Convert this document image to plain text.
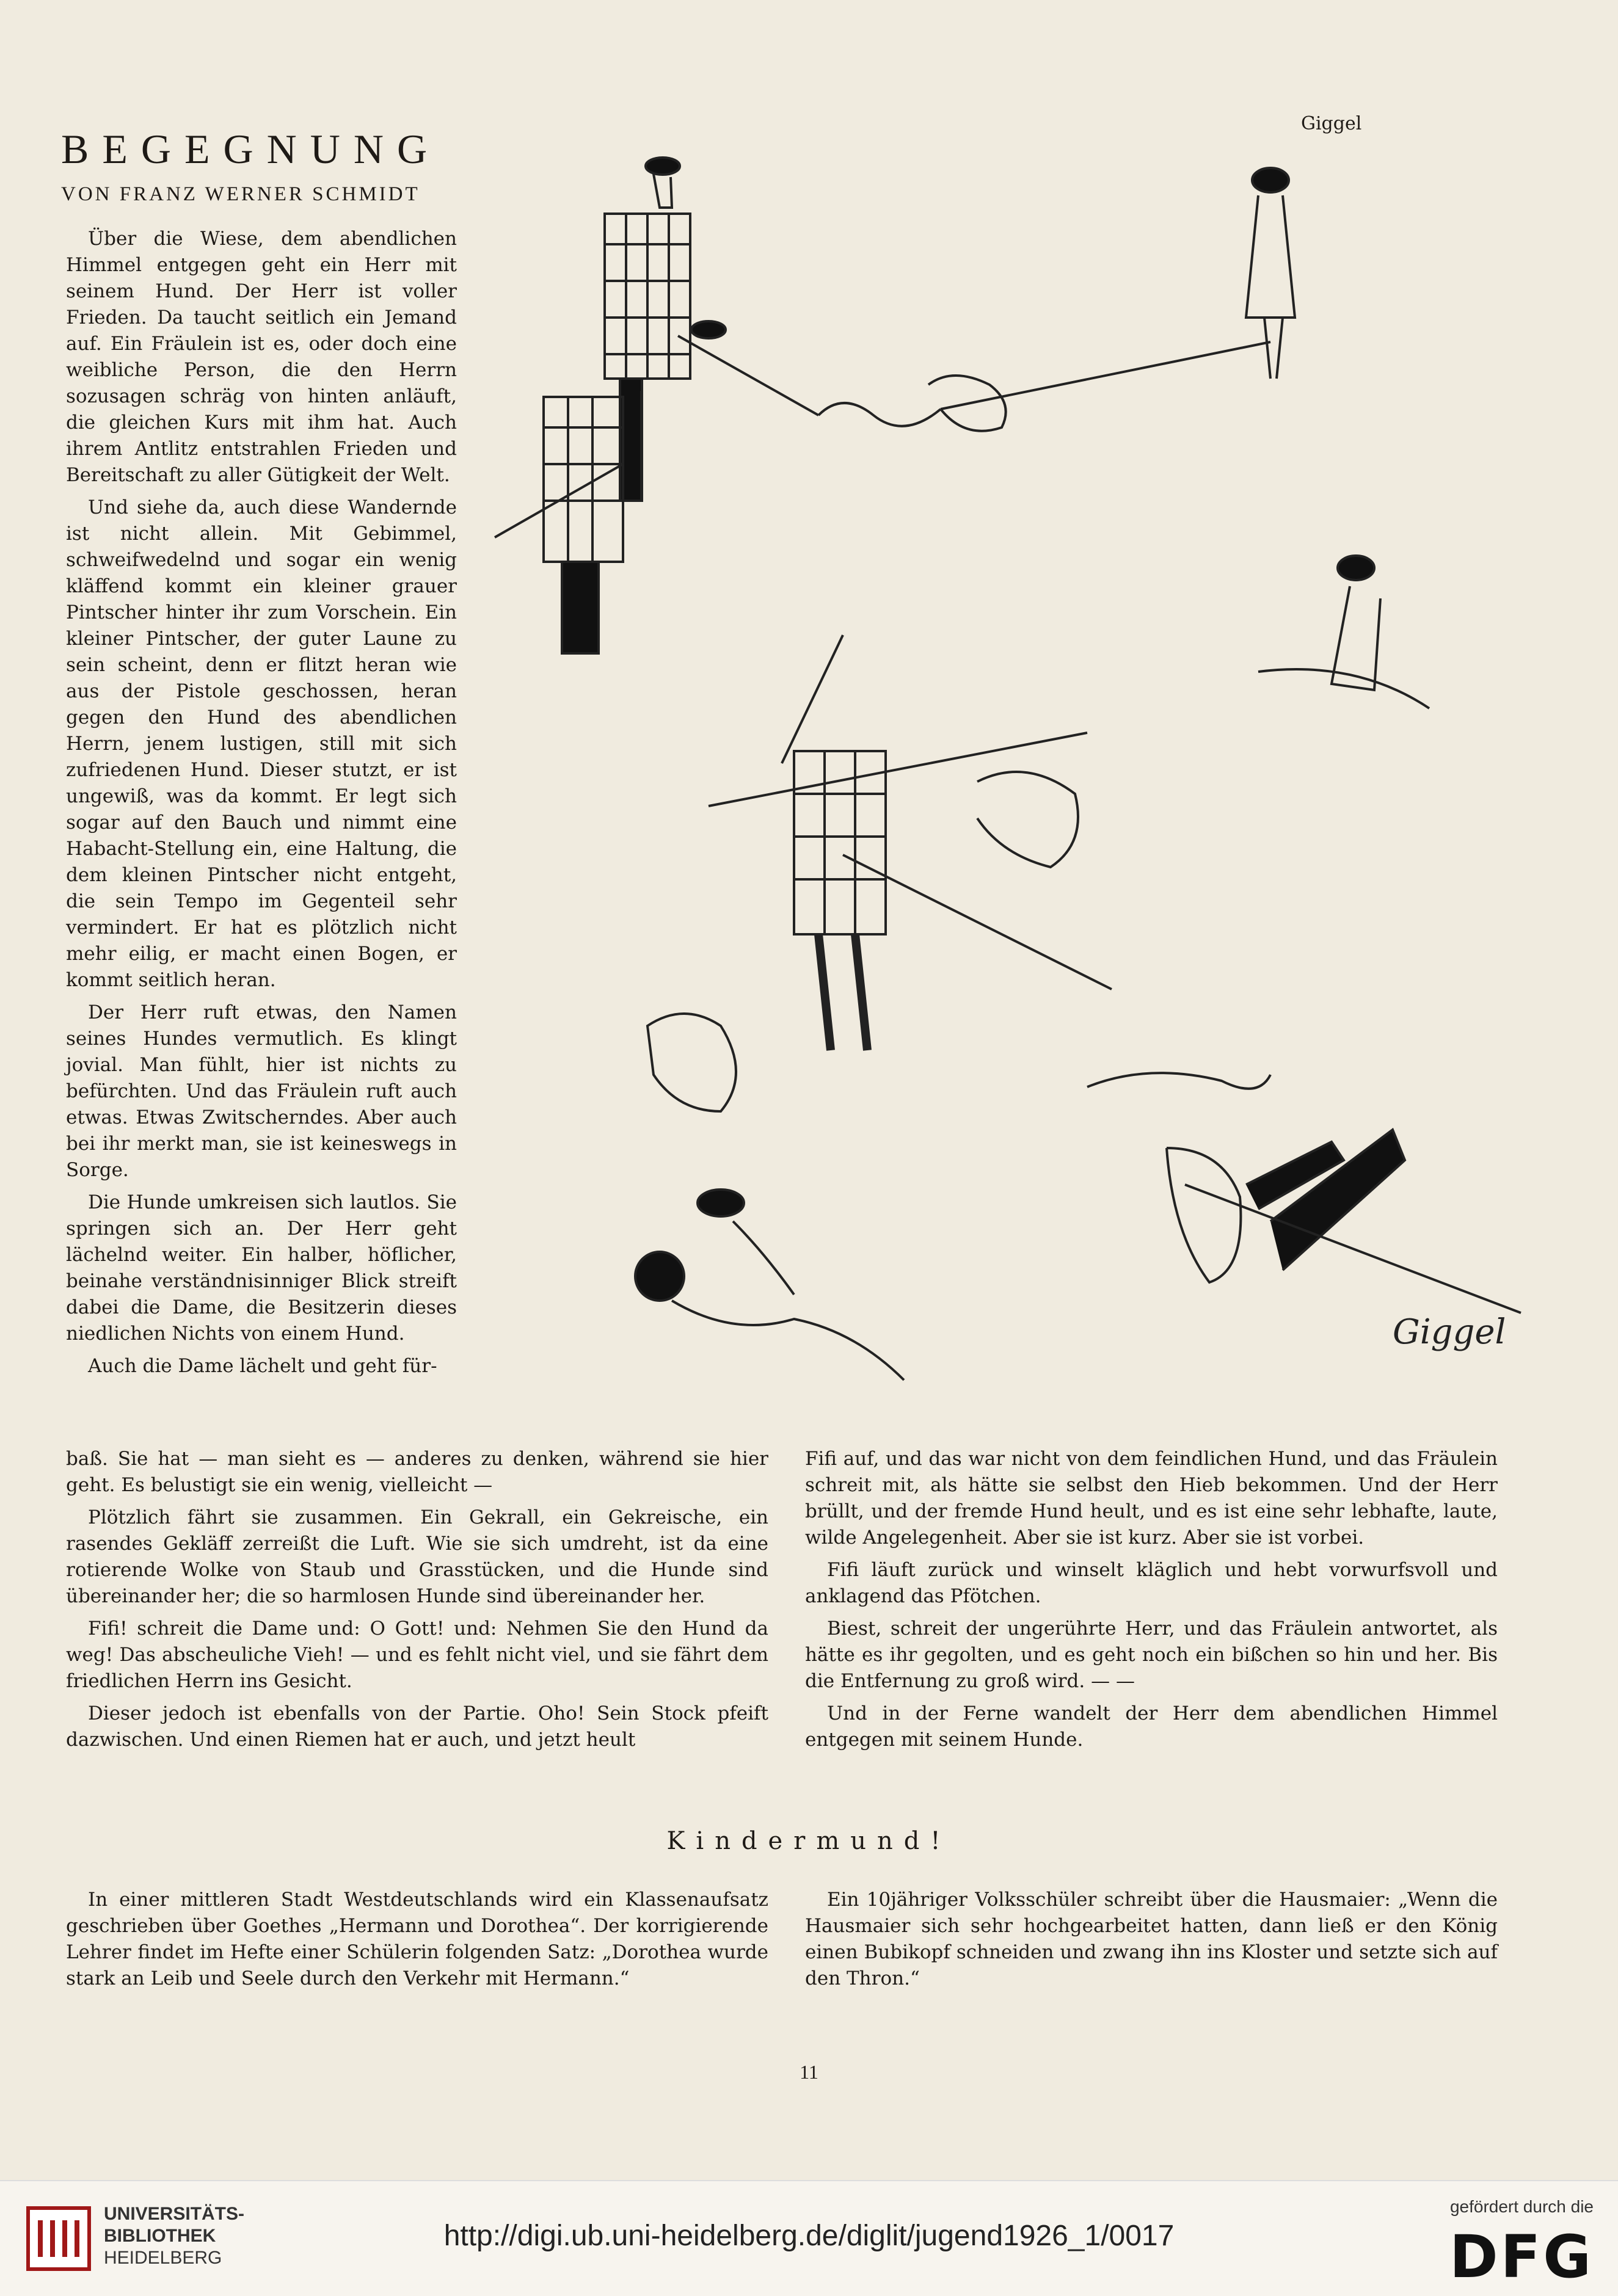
Giggel
BEGEGNUNG
VON FRANZ WERNER SCHMIDT

Über die Wiese, dem abendlichen Himmel entgegen geht ein Herr mit seinem Hund. Der Herr ist voller Frieden. Da taucht seitlich ein Jemand auf. Ein Fräulein ist es, oder doch eine weibliche Person, die den Herrn sozusagen schräg von hinten anläuft, die gleichen Kurs mit ihm hat. Auch ihrem Antlitz entstrahlen Frieden und Bereitschaft zu aller Gütigkeit der Welt.

Und siehe da, auch diese Wandernde ist nicht allein. Mit Gebimmel, schweifwedelnd und sogar ein wenig kläffend kommt ein kleiner grauer Pintscher hinter ihr zum Vorschein. Ein kleiner Pintscher, der guter Laune zu sein scheint, denn er flitzt heran wie aus der Pistole geschossen, heran gegen den Hund des abendlichen Herrn, jenem lustigen, still mit sich zufriedenen Hund. Dieser stutzt, er ist ungewiß, was da kommt. Er legt sich sogar auf den Bauch und nimmt eine Habacht-Stellung ein, eine Haltung, die dem kleinen Pintscher nicht entgeht, die sein Tempo im Gegenteil sehr vermindert. Er hat es plötzlich nicht mehr eilig, er macht einen Bogen, er kommt seitlich heran.

Der Herr ruft etwas, den Namen seines Hundes vermutlich. Es klingt jovial. Man fühlt, hier ist nichts zu befürchten. Und das Fräulein ruft auch etwas. Etwas Zwitscherndes. Aber auch bei ihr merkt man, sie ist keineswegs in Sorge.

Die Hunde umkreisen sich lautlos. Sie springen sich an. Der Herr geht lächelnd weiter. Ein halber, höflicher, beinahe verständnisinniger Blick streift dabei die Dame, die Besitzerin dieses niedlichen Nichts von einem Hund.

Auch die Dame lächelt und geht für-

Giggel

baß. Sie hat — man sieht es — anderes zu denken, während sie hier geht. Es belustigt sie ein wenig, vielleicht —

Plötzlich fährt sie zusammen. Ein Gekrall, ein Gekreische, ein rasendes Gekläff zerreißt die Luft. Wie sie sich umdreht, ist da eine rotierende Wolke von Staub und Grasstücken, und die Hunde sind übereinander her; die so harmlosen Hunde sind übereinander her.

Fifi! schreit die Dame und: O Gott! und: Nehmen Sie den Hund da weg! Das abscheuliche Vieh! — und es fehlt nicht viel, und sie fährt dem friedlichen Herrn ins Gesicht.

Dieser jedoch ist ebenfalls von der Partie. Oho! Sein Stock pfeift dazwischen. Und einen Riemen hat er auch, und jetzt heult

Fifi auf, und das war nicht von dem feindlichen Hund, und das Fräulein schreit mit, als hätte sie selbst den Hieb bekommen. Und der Herr brüllt, und der fremde Hund heult, und es ist eine sehr lebhafte, laute, wilde Angelegenheit. Aber sie ist kurz. Aber sie ist vorbei.

Fifi läuft zurück und winselt kläglich und hebt vorwurfsvoll und anklagend das Pfötchen.

Biest, schreit der ungerührte Herr, und das Fräulein antwortet, als hätte es ihr gegolten, und es geht noch ein bißchen so hin und her. Bis die Entfernung zu groß wird. — —

Und in der Ferne wandelt der Herr dem abendlichen Himmel entgegen mit seinem Hunde.

Kindermund!

In einer mittleren Stadt Westdeutschlands wird ein Klassenaufsatz geschrieben über Goethes „Hermann und Dorothea“. Der korrigierende Lehrer findet im Hefte einer Schülerin folgenden Satz: „Dorothea wurde stark an Leib und Seele durch den Verkehr mit Hermann.“

Ein 10jähriger Volksschüler schreibt über die Hausmaier: „Wenn die Hausmaier sich sehr hochgearbeitet hatten, dann ließ er den König einen Bubikopf schneiden und zwang ihn ins Kloster und setzte sich auf den Thron.“

11
UNIVERSITÄTS-
BIBLIOTHEK
HEIDELBERG
http://digi.ub.uni-heidelberg.de/diglit/jugend1926_1/0017
gefördert durch die
DFG
